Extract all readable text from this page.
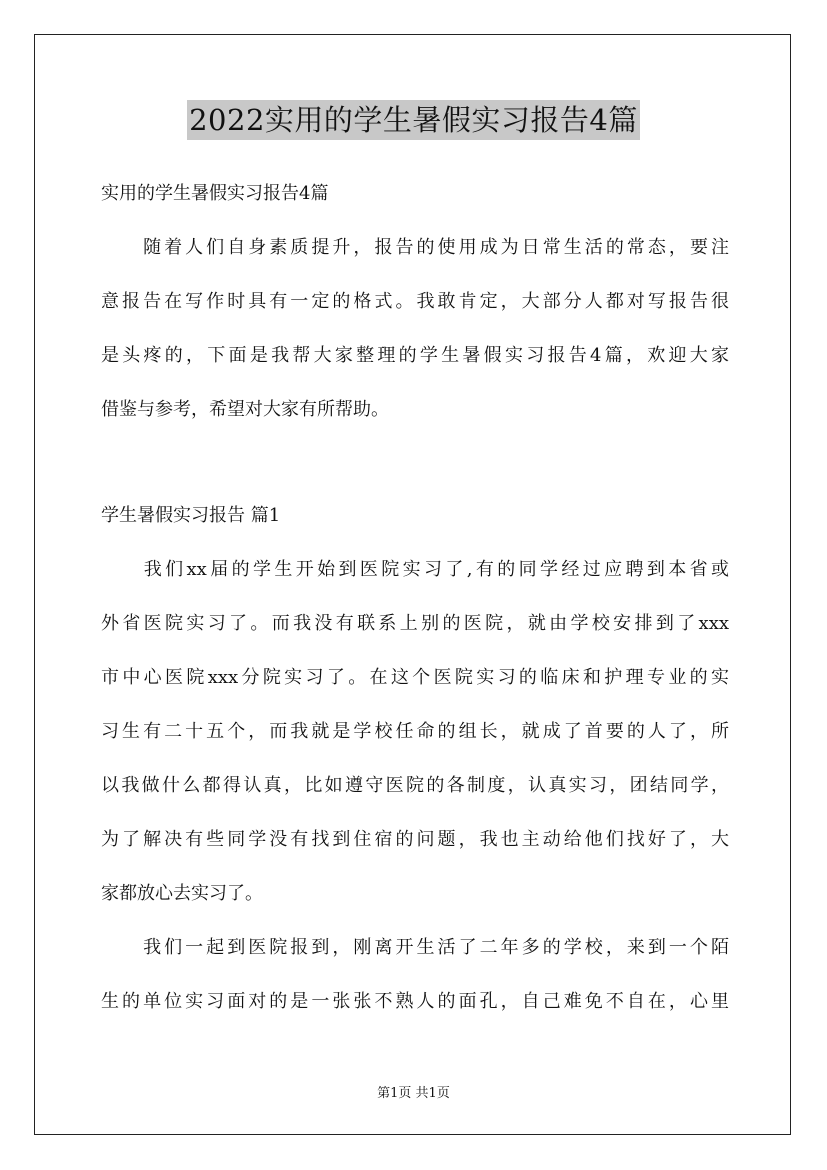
2022实用的学生暑假实习报告4篇
实用的学生暑假实习报告4篇
　　随着人们自身素质提升，报告的使用成为日常生活的常态，要注
意报告在写作时具有一定的格式。我敢肯定，大部分人都对写报告很
是头疼的，下面是我帮大家整理的学生暑假实习报告4篇，欢迎大家
借鉴与参考，希望对大家有所帮助。
学生暑假实习报告 篇1
　　我们xx届的学生开始到医院实习了,有的同学经过应聘到本省或
外省医院实习了。而我没有联系上别的医院，就由学校安排到了xxx
市中心医院xxx分院实习了。在这个医院实习的临床和护理专业的实
习生有二十五个，而我就是学校任命的组长，就成了首要的人了，所
以我做什么都得认真，比如遵守医院的各制度，认真实习，团结同学，
为了解决有些同学没有找到住宿的问题，我也主动给他们找好了，大
家都放心去实习了。
　　我们一起到医院报到，刚离开生活了二年多的学校，来到一个陌
生的单位实习面对的是一张张不熟人的面孔，自己难免不自在，心里
第1页 共1页
